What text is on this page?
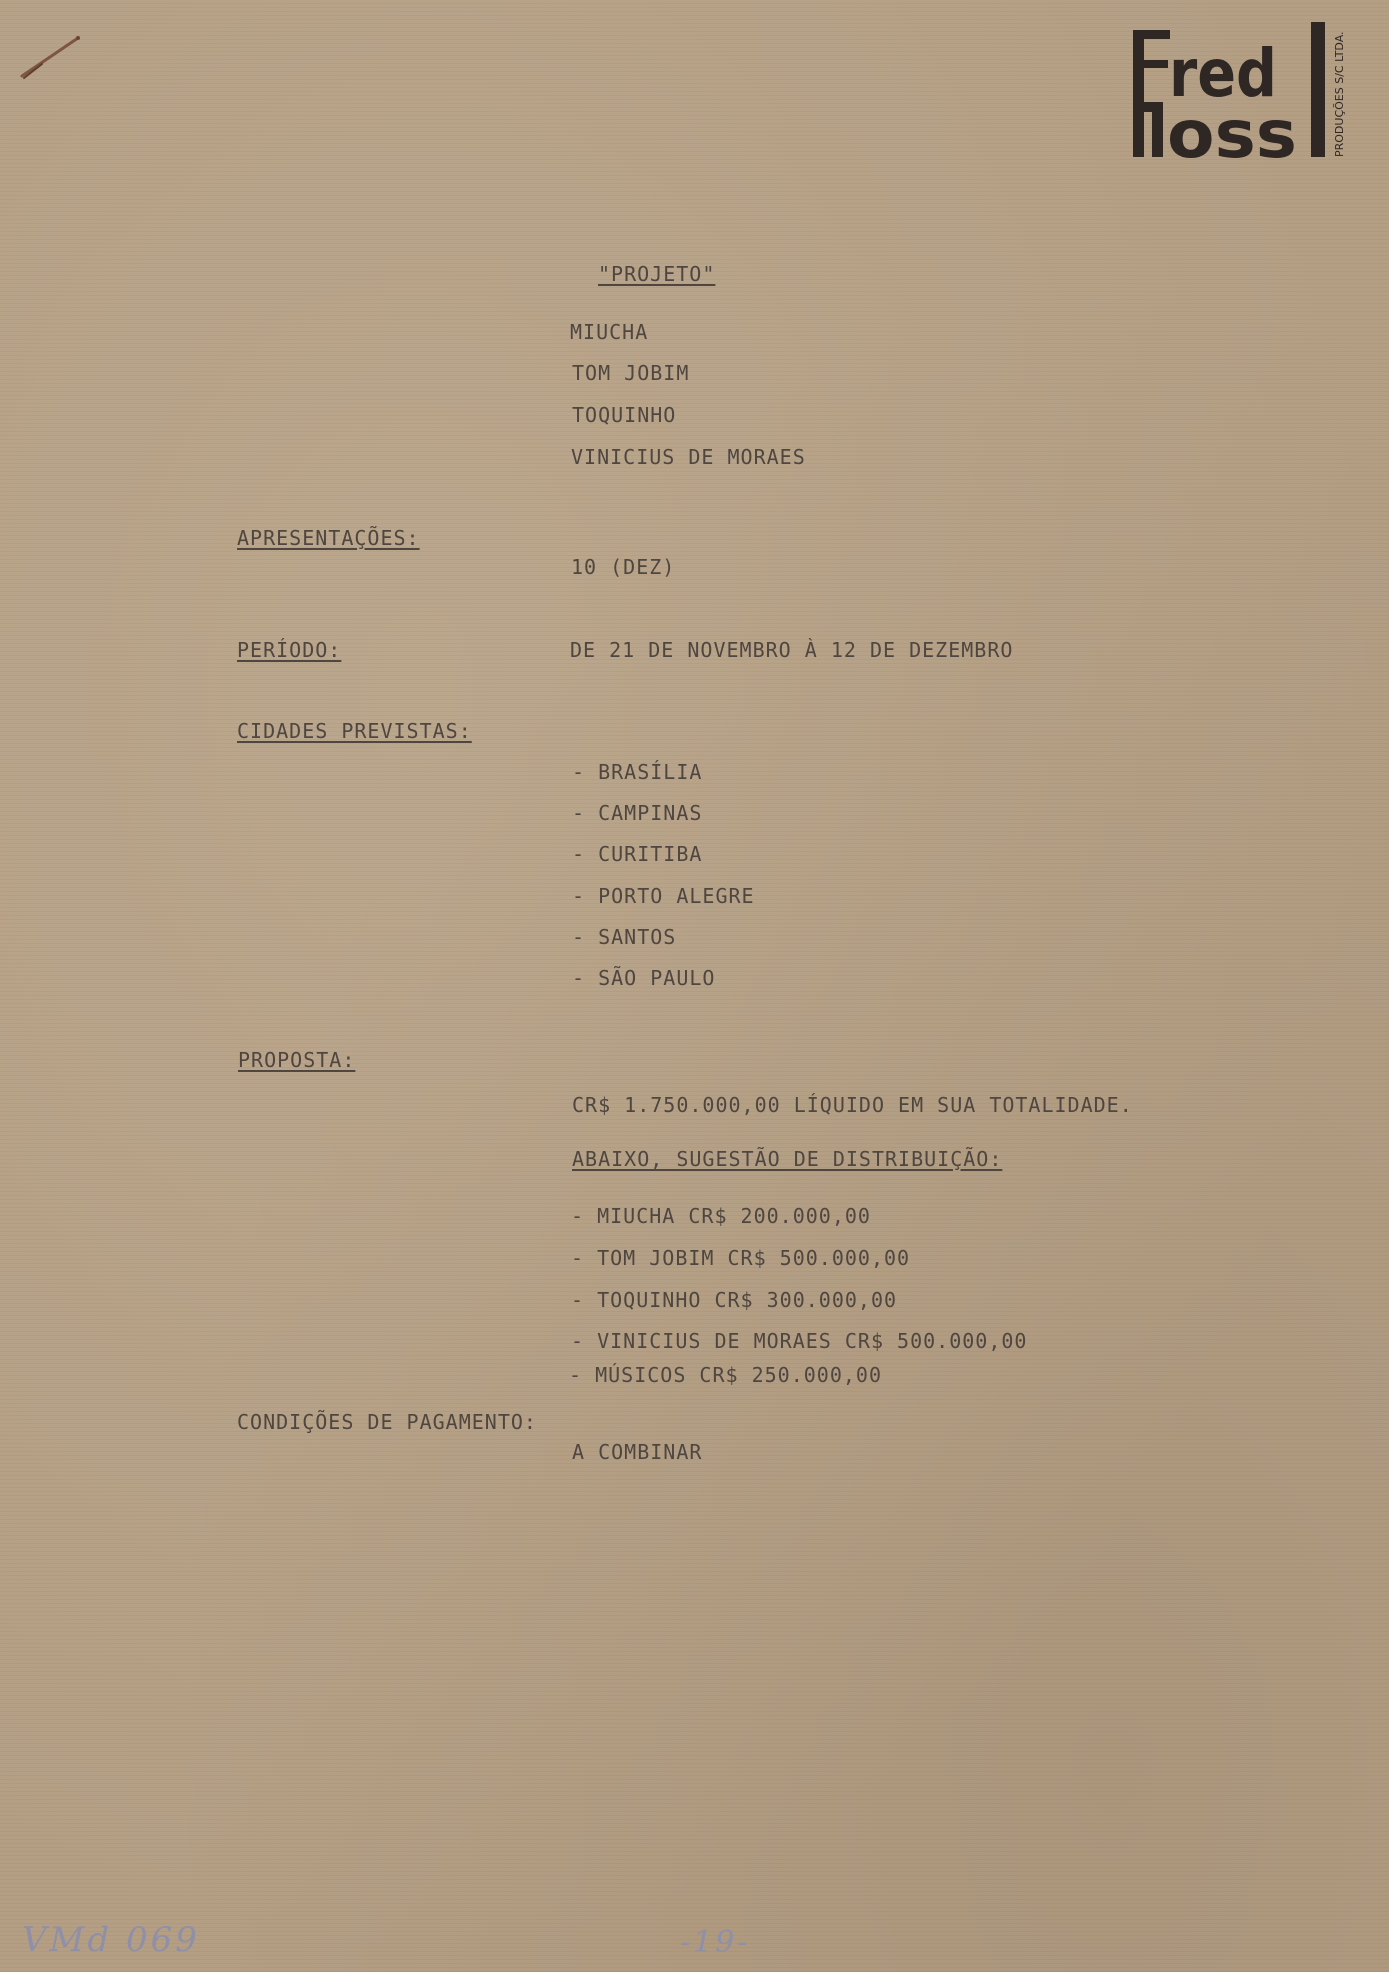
red
oss	PRODUÇÕES S/C LTDA.
"PROJETO"
MIUCHA
TOM JOBIM
TOQUINHO
VINICIUS DE MORAES
APRESENTAÇÕES:
10 (DEZ)
PERÍODO:	DE 21 DE NOVEMBRO À 12 DE DEZEMBRO
CIDADES PREVISTAS:
- BRASÍLIA
- CAMPINAS
- CURITIBA
- PORTO ALEGRE
- SANTOS
- SÃO PAULO
PROPOSTA:
CR$ 1.750.000,00 LÍQUIDO EM SUA TOTALIDADE.
ABAIXO, SUGESTÃO DE DISTRIBUIÇÃO:
- MIUCHA CR$ 200.000,00
- TOM JOBIM CR$ 500.000,00
- TOQUINHO CR$ 300.000,00
- VINICIUS DE MORAES CR$ 500.000,00
- MÚSICOS CR$ 250.000,00
CONDIÇÕES DE PAGAMENTO:
A COMBINAR
VMd 069	-19-
